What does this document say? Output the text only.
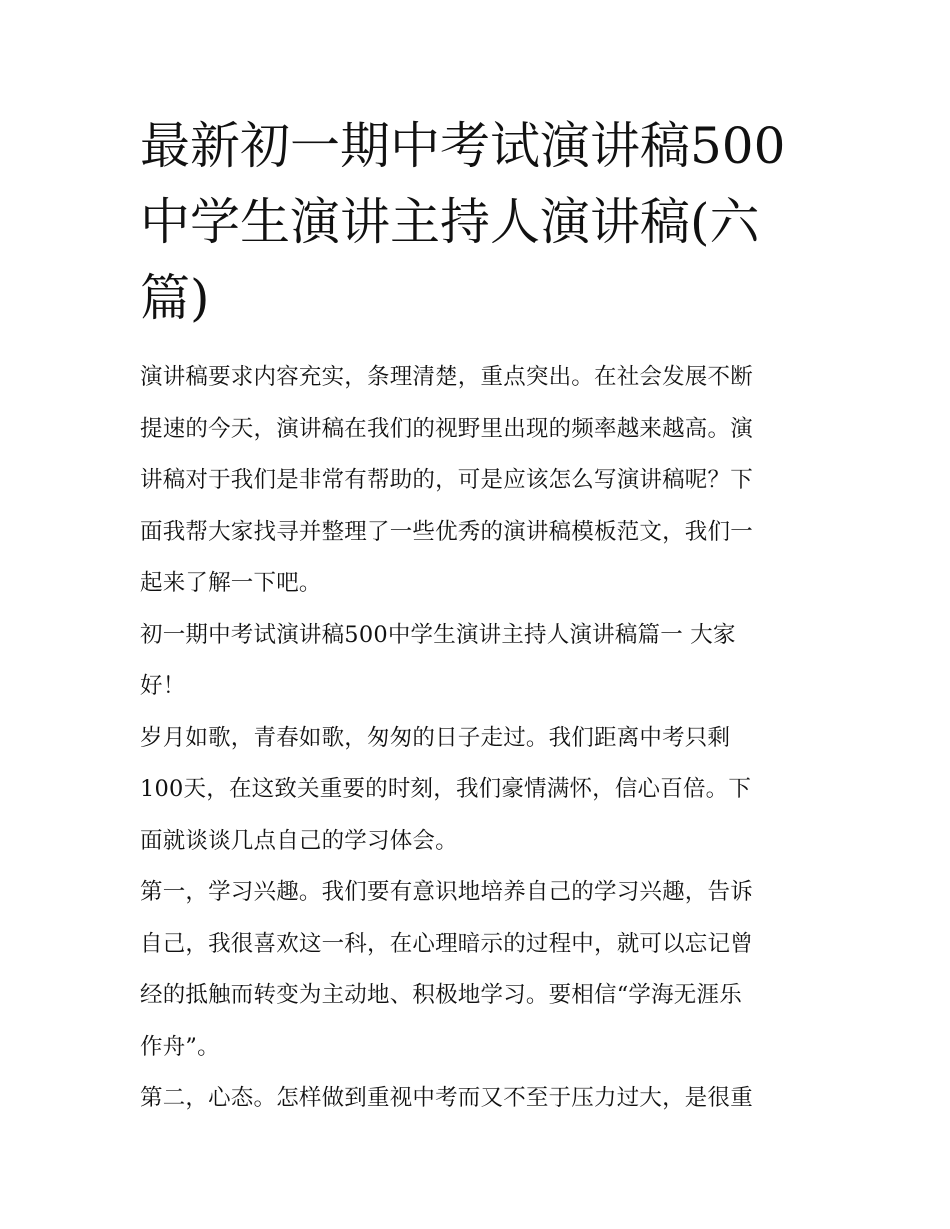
最新初一期中考试演讲稿500
中学生演讲主持人演讲稿(六
篇)

演讲稿要求内容充实，条理清楚，重点突出。在社会发展不断
提速的今天，演讲稿在我们的视野里出现的频率越来越高。演
讲稿对于我们是非常有帮助的，可是应该怎么写演讲稿呢？下
面我帮大家找寻并整理了一些优秀的演讲稿模板范文，我们一
起来了解一下吧。

初一期中考试演讲稿500中学生演讲主持人演讲稿篇一 大家
好！

岁月如歌，青春如歌，匆匆的日子走过。我们距离中考只剩
100天，在这致关重要的时刻，我们豪情满怀，信心百倍。下
面就谈谈几点自己的学习体会。

第一，学习兴趣。我们要有意识地培养自己的学习兴趣，告诉
自己，我很喜欢这一科，在心理暗示的过程中，就可以忘记曾
经的抵触而转变为主动地、积极地学习。要相信“学海无涯乐
作舟”。

第二，心态。怎样做到重视中考而又不至于压力过大，是很重
